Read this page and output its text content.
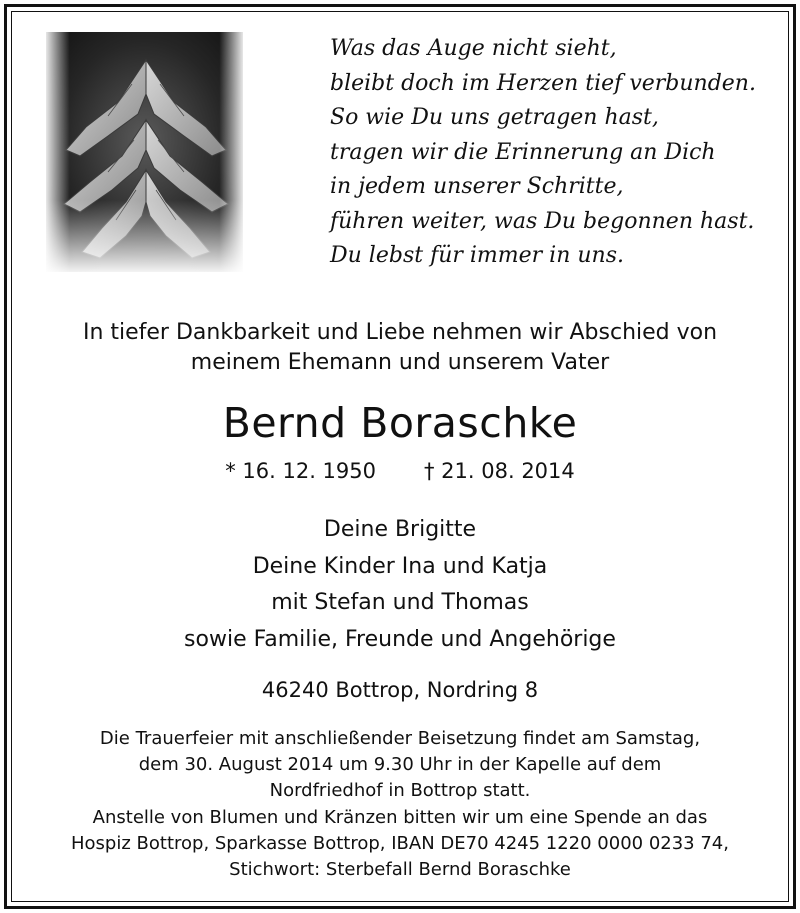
Was das Auge nicht sieht,
bleibt doch im Herzen tief verbunden.
So wie Du uns getragen hast,
tragen wir die Erinnerung an Dich
in jedem unserer Schritte,
führen weiter, was Du begonnen hast.
Du lebst für immer in uns.
In tiefer Dankbarkeit und Liebe nehmen wir Abschied von
meinem Ehemann und unserem Vater
Bernd Boraschke
* 16. 12. 1950 † 21. 08. 2014
Deine Brigitte
Deine Kinder Ina und Katja
mit Stefan und Thomas
sowie Familie, Freunde und Angehörige
46240 Bottrop, Nordring 8
Die Trauerfeier mit anschließender Beisetzung findet am Samstag,
dem 30. August 2014 um 9.30 Uhr in der Kapelle auf dem
Nordfriedhof in Bottrop statt.
Anstelle von Blumen und Kränzen bitten wir um eine Spende an das
Hospiz Bottrop, Sparkasse Bottrop, IBAN DE70 4245 1220 0000 0233 74,
Stichwort: Sterbefall Bernd Boraschke
